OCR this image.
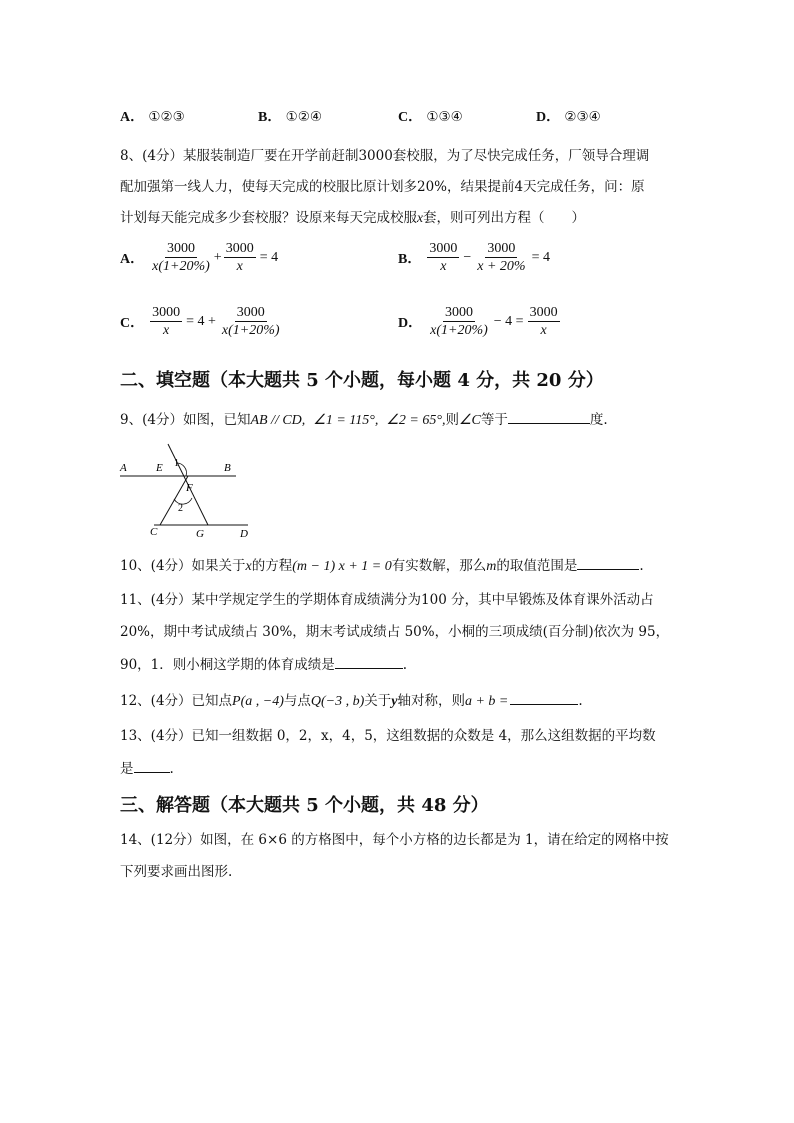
A． ①②③	B． ①②④	C． ①③④	D． ②③④
8、(4分）某服装制造厂要在开学前赶制3000套校服，为了尽快完成任务，厂领导合理调
配加强第一线人力，使每天完成的校服比原计划多20%，结果提前4天完成任务，问：原
计划每天能完成多少套校服？设原来每天完成校服x套，则可列出方程（　　）
A． $\frac{3000}{x(1+20\%)} + \frac{3000}{x} = 4$	B． $\frac{3000}{x} - \frac{3000}{x + 20\%} = 4$
C． $\frac{3000}{x} = 4 + \frac{3000}{x(1+20\%)}$	D． $\frac{3000}{x(1+20\%)} - 4 = \frac{3000}{x}$
二、填空题（本大题共 5 个小题，每小题 4 分，共 20 分）
9、(4分）如图，已知AB // CD, ∠1 = 115°, ∠2 = 65°,则∠C等于	度.
A	E 1	B
F
2
C	G	D
10、(4分）如果关于x的方程(m − 1) x + 1 = 0有实数解，那么m的取值范围是	.
11、(4分）某中学规定学生的学期体育成绩满分为100 分，其中早锻炼及体育课外活动占
20%，期中考试成绩占 30%，期末考试成绩占 50%，小桐的三项成绩(百分制)依次为 95，
90，1．则小桐这学期的体育成绩是	.
12、(4分）已知点P(a , −4)与点Q(−3 , b)关于y轴对称，则a + b =	.
13、(4分）已知一组数据 0，2，x，4，5，这组数据的众数是 4，那么这组数据的平均数
是	.
三、解答题（本大题共 5 个小题，共 48 分）
14、(12分）如图，在 6×6 的方格图中，每个小方格的边长都是为 1，请在给定的网格中按
下列要求画出图形.
